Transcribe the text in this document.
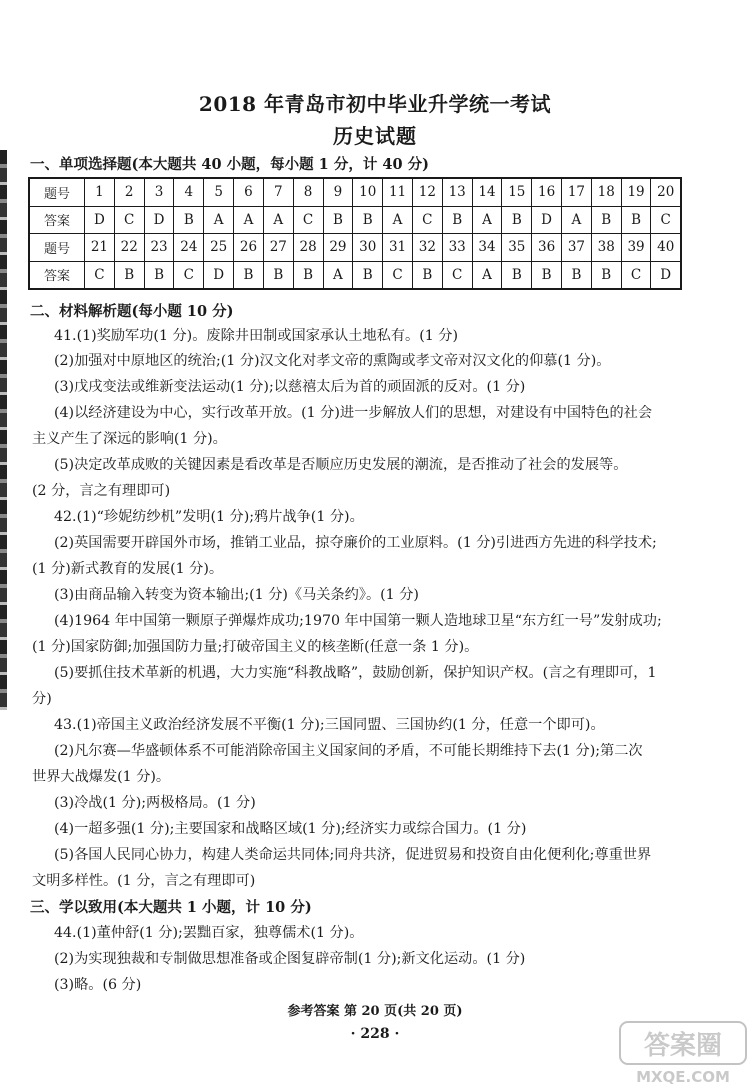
2018 年青岛市初中毕业升学统一考试
历史试题
一、单项选择题(本大题共 40 小题，每小题 1 分，计 40 分)
题号	1	2	3	4	5	6	7	8	9	10	11	12	13	14	15	16	17	18	19	20
答案	D	C	D	B	A	A	A	C	B	B	A	C	B	A	B	D	A	B	B	C
题号	21	22	23	24	25	26	27	28	29	30	31	32	33	34	35	36	37	38	39	40
答案	C	B	B	C	D	B	B	B	A	B	C	B	C	A	B	B	B	B	C	D
二、材料解析题(每小题 10 分)
41.(1)奖励军功(1 分)。废除井田制或国家承认土地私有。(1 分)
(2)加强对中原地区的统治;(1 分)汉文化对孝文帝的熏陶或孝文帝对汉文化的仰慕(1 分)。
(3)戊戌变法或维新变法运动(1 分);以慈禧太后为首的顽固派的反对。(1 分)
(4)以经济建设为中心，实行改革开放。(1 分)进一步解放人们的思想，对建设有中国特色的社会
主义产生了深远的影响(1 分)。
(5)决定改革成败的关键因素是看改革是否顺应历史发展的潮流，是否推动了社会的发展等。
(2 分，言之有理即可)
42.(1)“珍妮纺纱机”发明(1 分);鸦片战争(1 分)。
(2)英国需要开辟国外市场，推销工业品，掠夺廉价的工业原料。(1 分)引进西方先进的科学技术;
(1 分)新式教育的发展(1 分)。
(3)由商品输入转变为资本输出;(1 分)《马关条约》。(1 分)
(4)1964 年中国第一颗原子弹爆炸成功;1970 年中国第一颗人造地球卫星“东方红一号”发射成功;
(1 分)国家防御;加强国防力量;打破帝国主义的核垄断(任意一条 1 分)。
(5)要抓住技术革新的机遇，大力实施“科教战略”，鼓励创新，保护知识产权。(言之有理即可，1
分)
43.(1)帝国主义政治经济发展不平衡(1 分);三国同盟、三国协约(1 分，任意一个即可)。
(2)凡尔赛—华盛顿体系不可能消除帝国主义国家间的矛盾，不可能长期维持下去(1 分);第二次
世界大战爆发(1 分)。
(3)冷战(1 分);两极格局。(1 分)
(4)一超多强(1 分);主要国家和战略区域(1 分);经济实力或综合国力。(1 分)
(5)各国人民同心协力，构建人类命运共同体;同舟共济，促进贸易和投资自由化便利化;尊重世界
文明多样性。(1 分，言之有理即可)
三、学以致用(本大题共 1 小题，计 10 分)
44.(1)董仲舒(1 分);罢黜百家，独尊儒术(1 分)。
(2)为实现独裁和专制做思想准备或企图复辟帝制(1 分);新文化运动。(1 分)
(3)略。(6 分)
参考答案 第 20 页(共 20 页)
· 228 ·	答案圈
MXQE.COM
